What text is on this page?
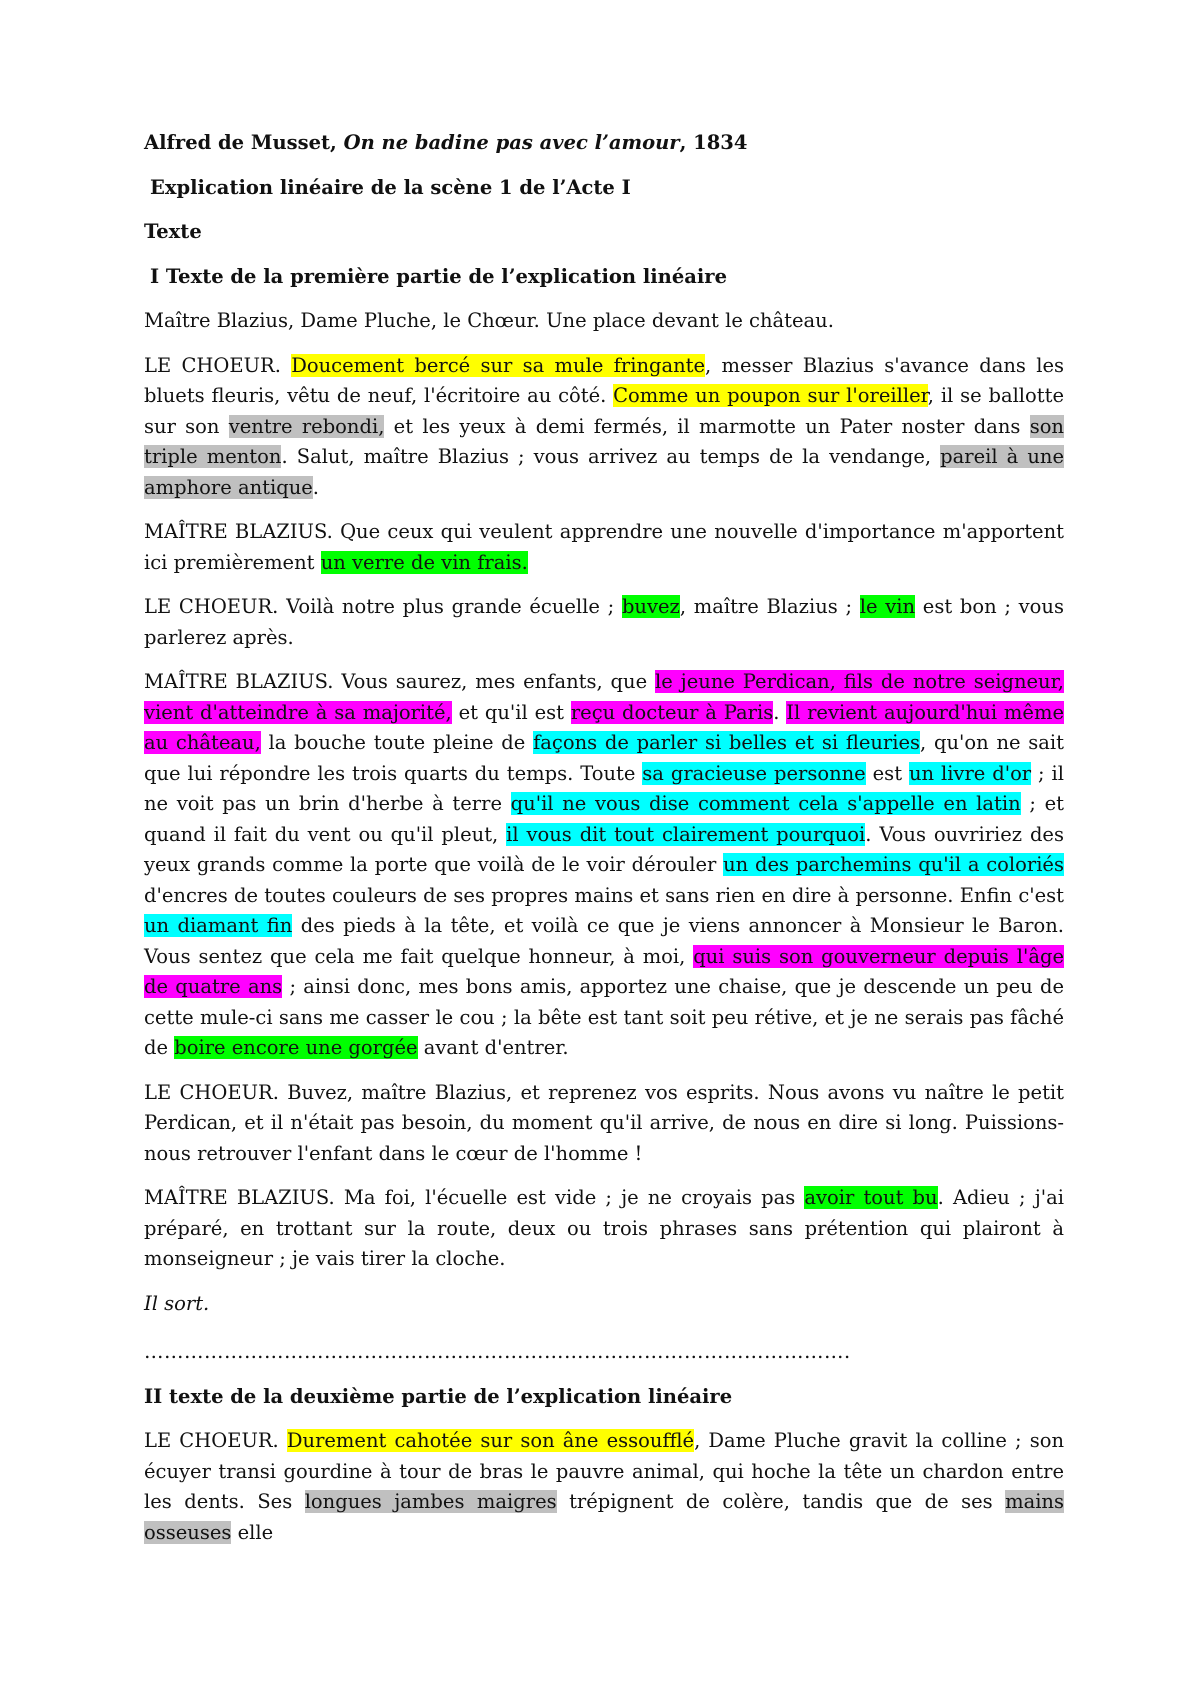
Alfred de Musset, On ne badine pas avec l’amour, 1834

Explication linéaire de la scène 1 de l’Acte I

Texte

I Texte de la première partie de l’explication linéaire

Maître Blazius, Dame Pluche, le Chœur. Une place devant le château.

LE CHOEUR. Doucement bercé sur sa mule fringante, messer Blazius s'avance dans les bluets fleuris, vêtu de neuf, l'écritoire au côté. Comme un poupon sur l'oreiller, il se ballotte sur son ventre rebondi, et les yeux à demi fermés, il marmotte un Pater noster dans son triple menton. Salut, maître Blazius ; vous arrivez au temps de la vendange, pareil à une amphore antique.

MAÎTRE BLAZIUS. Que ceux qui veulent apprendre une nouvelle d'importance m'apportent ici premièrement un verre de vin frais.

LE CHOEUR. Voilà notre plus grande écuelle ; buvez, maître Blazius ; le vin est bon ; vous parlerez après.

MAÎTRE BLAZIUS. Vous saurez, mes enfants, que le jeune Perdican, fils de notre seigneur, vient d'atteindre à sa majorité, et qu'il est reçu docteur à Paris. Il revient aujourd'hui même au château, la bouche toute pleine de façons de parler si belles et si fleuries, qu'on ne sait que lui répondre les trois quarts du temps. Toute sa gracieuse personne est un livre d'or ; il ne voit pas un brin d'herbe à terre qu'il ne vous dise comment cela s'appelle en latin ; et quand il fait du vent ou qu'il pleut, il vous dit tout clairement pourquoi. Vous ouvririez des yeux grands comme la porte que voilà de le voir dérouler un des parchemins qu'il a coloriés d'encres de toutes couleurs de ses propres mains et sans rien en dire à personne. Enfin c'est un diamant fin des pieds à la tête, et voilà ce que je viens annoncer à Monsieur le Baron. Vous sentez que cela me fait quelque honneur, à moi, qui suis son gouverneur depuis l'âge de quatre ans ; ainsi donc, mes bons amis, apportez une chaise, que je descende un peu de cette mule-ci sans me casser le cou ; la bête est tant soit peu rétive, et je ne serais pas fâché de boire encore une gorgée avant d'entrer.

LE CHOEUR. Buvez, maître Blazius, et reprenez vos esprits. Nous avons vu naître le petit Perdican, et il n'était pas besoin, du moment qu'il arrive, de nous en dire si long. Puissions-nous retrouver l'enfant dans le cœur de l'homme !

MAÎTRE BLAZIUS. Ma foi, l'écuelle est vide ; je ne croyais pas avoir tout bu. Adieu ; j'ai préparé, en trottant sur la route, deux ou trois phrases sans prétention qui plairont à monseigneur ; je vais tirer la cloche.

Il sort.

…………………………………………………………………………………………….

II texte de la deuxième partie de l’explication linéaire

LE CHOEUR. Durement cahotée sur son âne essoufflé, Dame Pluche gravit la colline ; son écuyer transi gourdine à tour de bras le pauvre animal, qui hoche la tête un chardon entre les dents. Ses longues jambes maigres trépignent de colère, tandis que de ses mains osseuses elle
